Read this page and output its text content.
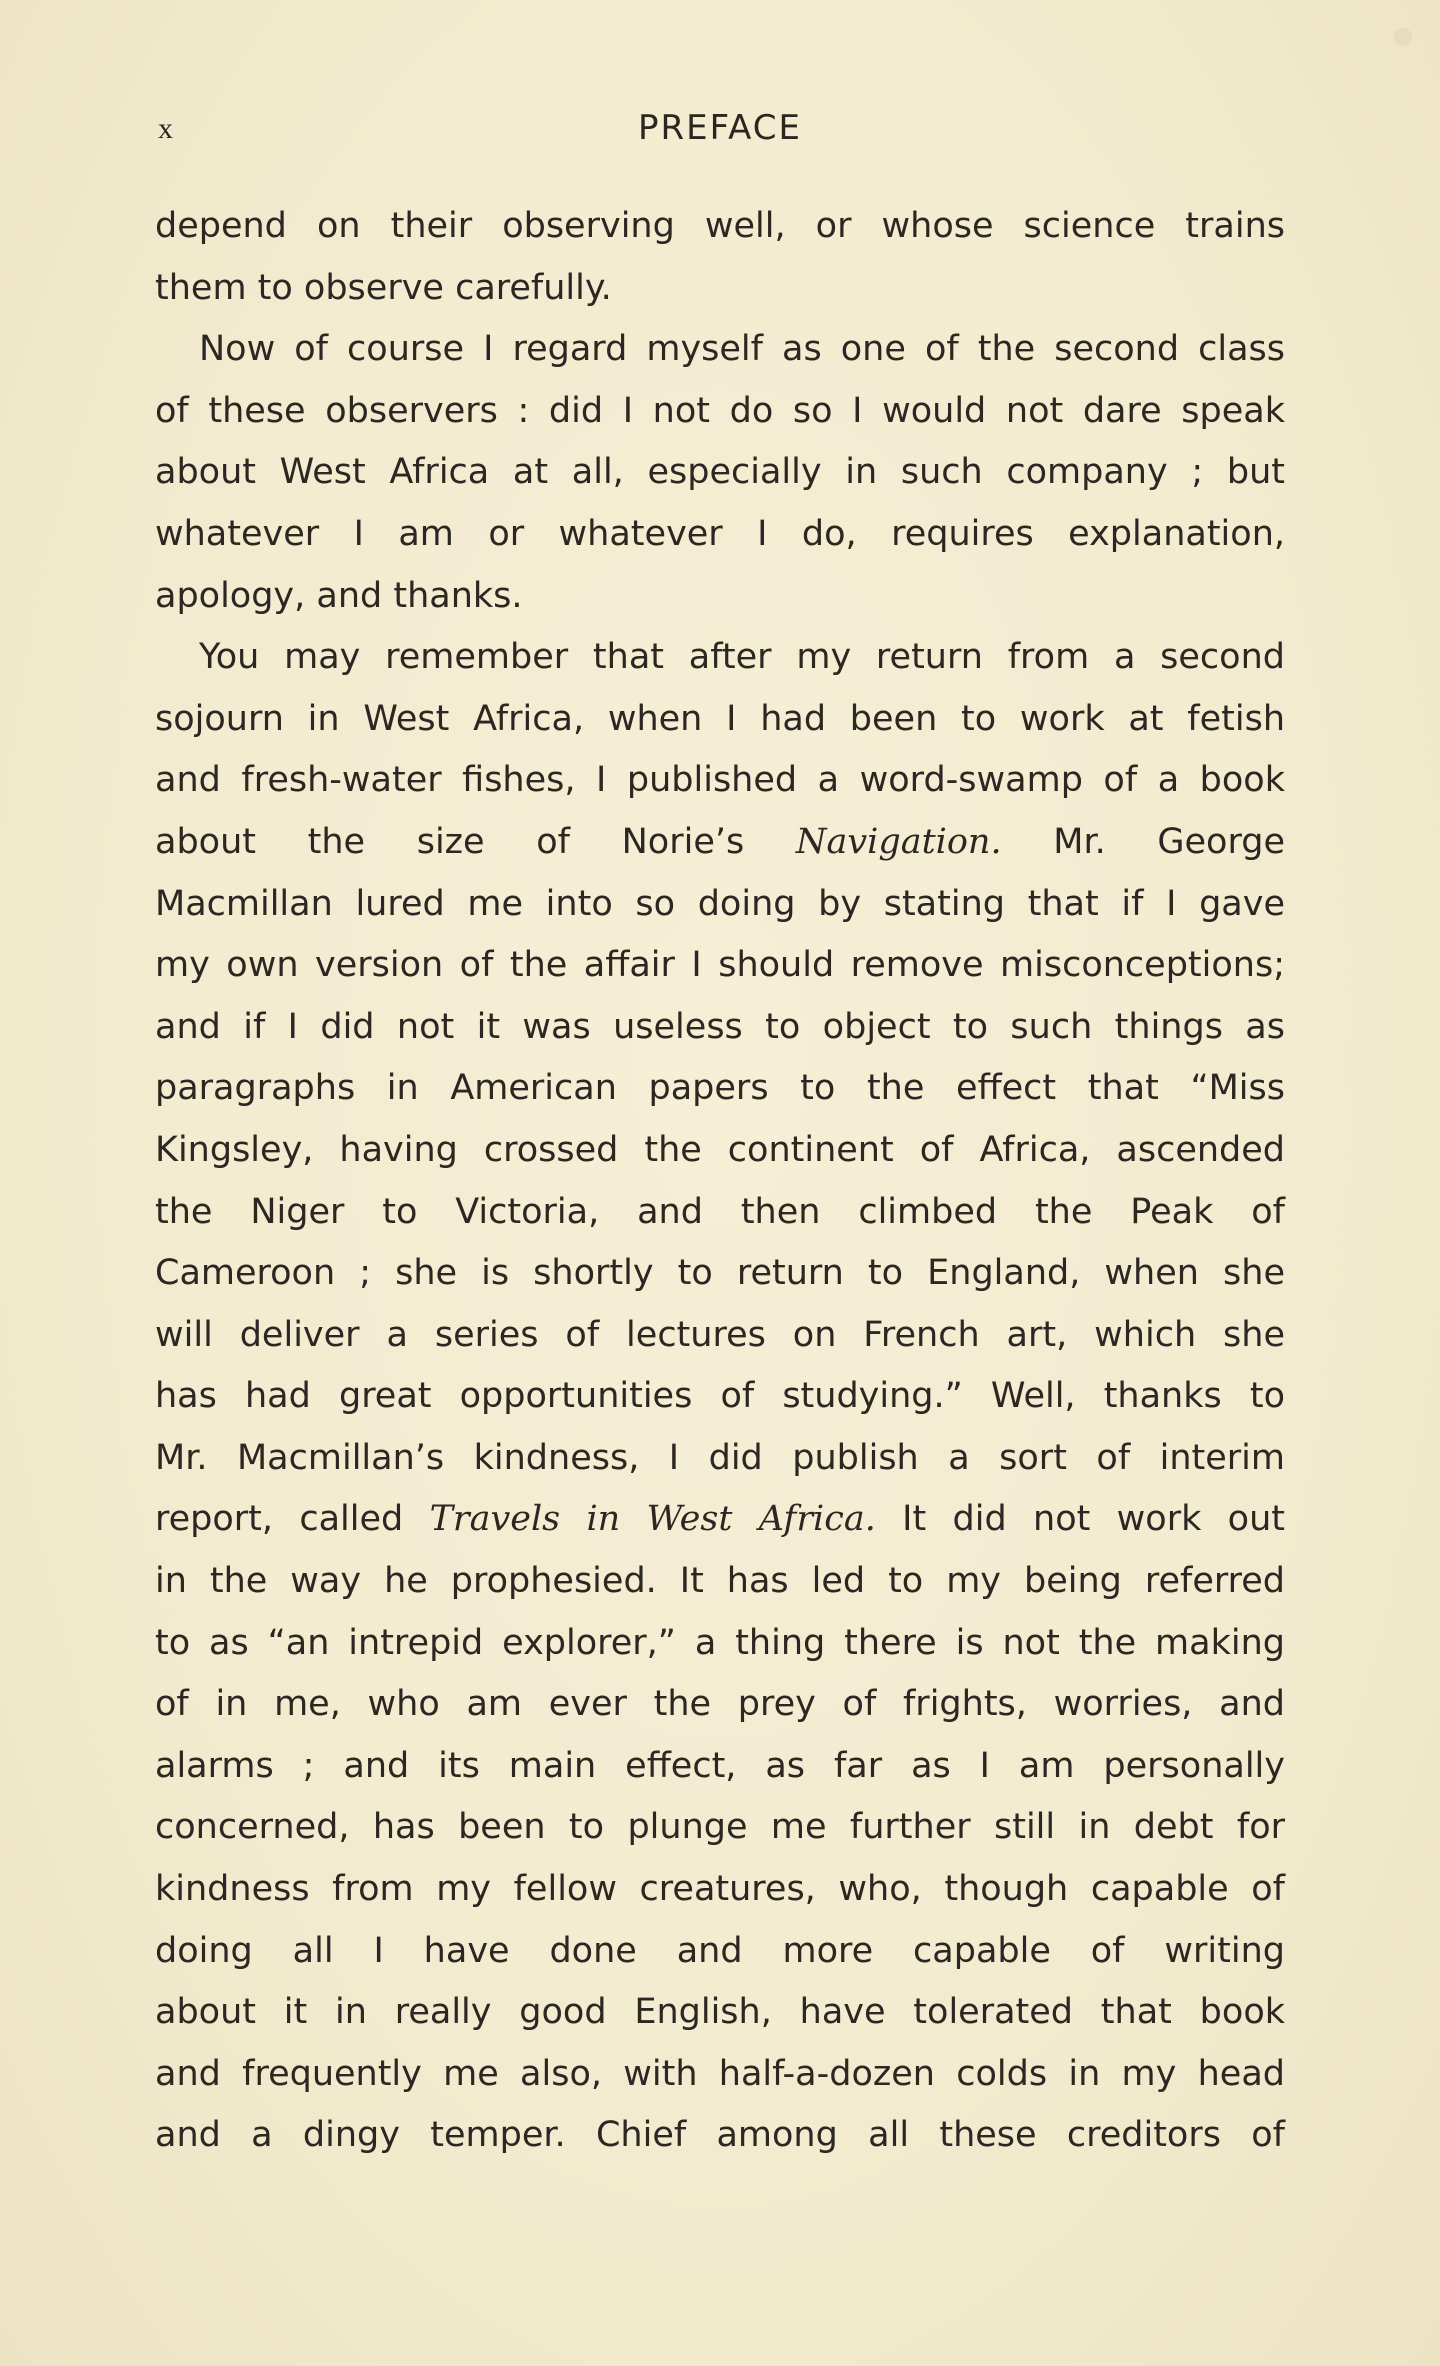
x	PREFACE
depend on their observing well, or whose science trains
them to observe carefully.
Now of course I regard myself as one of the second class
of these observers : did I not do so I would not dare speak
about West Africa at all, especially in such company ; but
whatever I am or whatever I do, requires explanation,
apology, and thanks.
You may remember that after my return from a second
sojourn in West Africa, when I had been to work at fetish
and fresh-water fishes, I published a word-swamp of a book
about the size of Norie’s Navigation. Mr. George
Macmillan lured me into so doing by stating that if I gave
my own version of the affair I should remove misconceptions;
and if I did not it was useless to object to such things as
paragraphs in American papers to the effect that “Miss
Kingsley, having crossed the continent of Africa, ascended
the Niger to Victoria, and then climbed the Peak of
Cameroon ; she is shortly to return to England, when she
will deliver a series of lectures on French art, which she
has had great opportunities of studying.” Well, thanks to
Mr. Macmillan’s kindness, I did publish a sort of interim
report, called Travels in West Africa. It did not work out
in the way he prophesied. It has led to my being referred
to as “an intrepid explorer,” a thing there is not the making
of in me, who am ever the prey of frights, worries, and
alarms ; and its main effect, as far as I am personally
concerned, has been to plunge me further still in debt for
kindness from my fellow creatures, who, though capable of
doing all I have done and more capable of writing
about it in really good English, have tolerated that book
and frequently me also, with half-a-dozen colds in my head
and a dingy temper. Chief among all these creditors of
